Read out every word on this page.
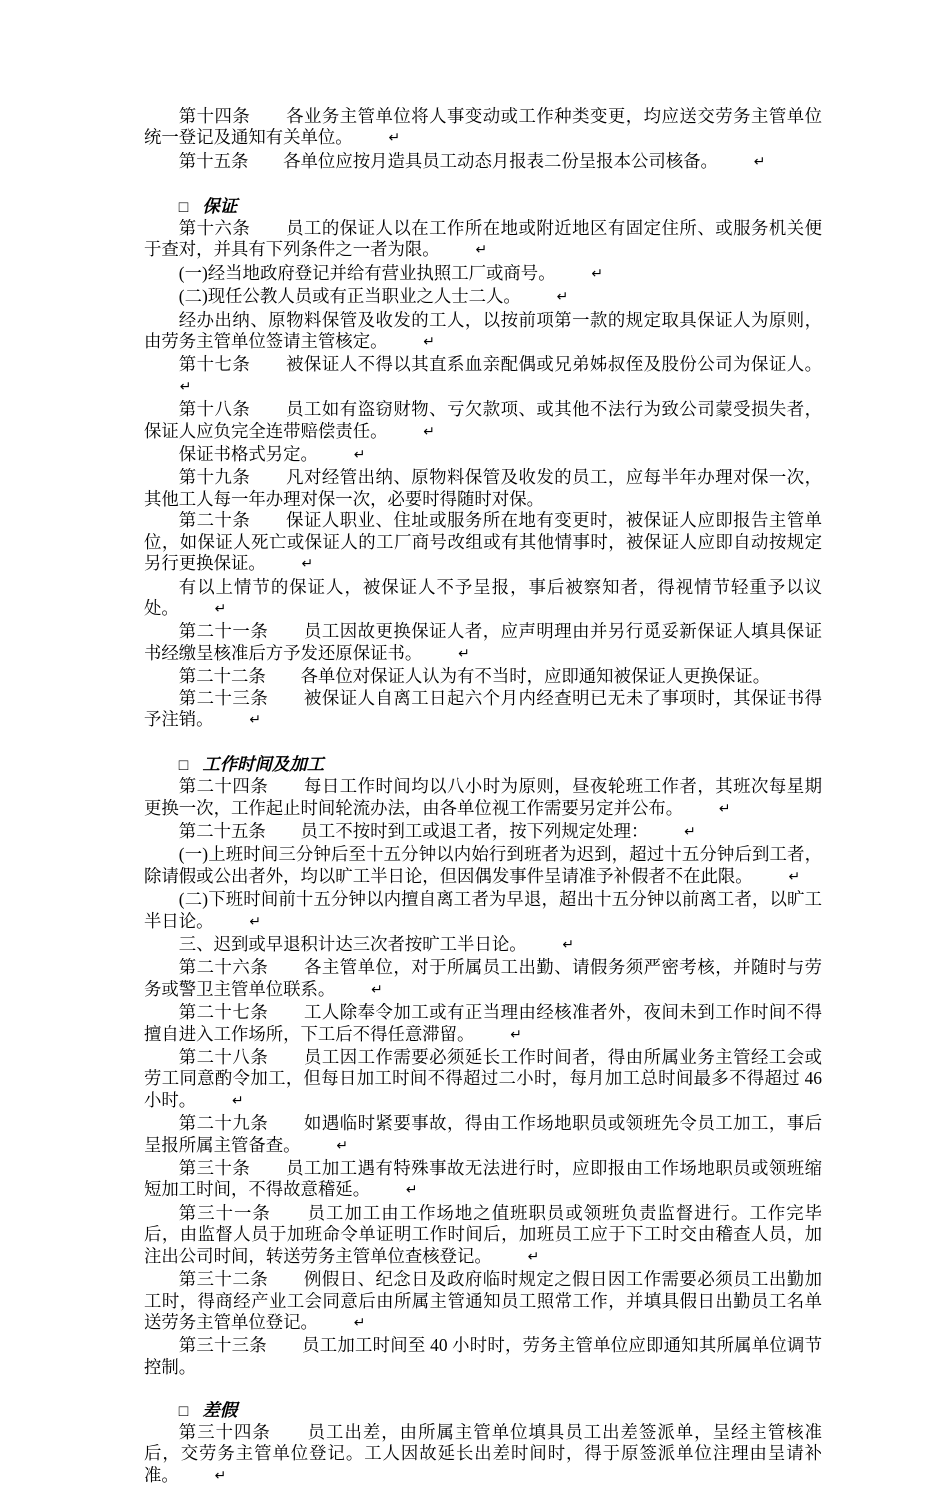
第十四条　　各业务主管单位将人事变动或工作种类变更，均应送交劳务主管单位统一登记及通知有关单位。	↵
第十五条　　各单位应按月造具员工动态月报表二份呈报本公司核备。	↵
□ 保证
第十六条　　员工的保证人以在工作所在地或附近地区有固定住所、或服务机关便于查对，并具有下列条件之一者为限。	↵
(一)经当地政府登记并给有营业执照工厂或商号。	↵
(二)现任公教人员或有正当职业之人士二人。	↵
经办出纳、原物料保管及收发的工人，以按前项第一款的规定取具保证人为原则，由劳务主管单位签请主管核定。	↵
第十七条　　被保证人不得以其直系血亲配偶或兄弟姊叔侄及股份公司为保证人。↵
第十八条　　员工如有盗窃财物、亏欠款项、或其他不法行为致公司蒙受损失者，保证人应负完全连带赔偿责任。	↵
保证书格式另定。	↵
第十九条　　凡对经管出纳、原物料保管及收发的员工，应每半年办理对保一次，其他工人每一年办理对保一次，必要时得随时对保。
第二十条　　保证人职业、住址或服务所在地有变更时，被保证人应即报告主管单位，如保证人死亡或保证人的工厂商号改组或有其他情事时，被保证人应即自动按规定另行更换保证。	↵
有以上情节的保证人，被保证人不予呈报，事后被察知者，得视情节轻重予以议处。	↵
第二十一条　　员工因故更换保证人者，应声明理由并另行觅妥新保证人填具保证书经缴呈核准后方予发还原保证书。	↵
第二十二条　　各单位对保证人认为有不当时，应即通知被保证人更换保证。
第二十三条　　被保证人自离工日起六个月内经查明已无未了事项时，其保证书得予注销。	↵
□ 工作时间及加工
第二十四条　　每日工作时间均以八小时为原则，昼夜轮班工作者，其班次每星期更换一次，工作起止时间轮流办法，由各单位视工作需要另定并公布。	↵
第二十五条　　员工不按时到工或退工者，按下列规定处理：	↵
(一)上班时间三分钟后至十五分钟以内始行到班者为迟到，超过十五分钟后到工者，除请假或公出者外，均以旷工半日论，但因偶发事件呈请准予补假者不在此限。	↵
(二)下班时间前十五分钟以内擅自离工者为早退，超出十五分钟以前离工者，以旷工半日论。	↵
三、迟到或早退积计达三次者按旷工半日论。	↵
第二十六条　　各主管单位，对于所属员工出勤、请假务须严密考核，并随时与劳务或警卫主管单位联系。	↵
第二十七条　　工人除奉令加工或有正当理由经核准者外，夜间未到工作时间不得擅自进入工作场所，下工后不得任意滞留。	↵
第二十八条　　员工因工作需要必须延长工作时间者，得由所属业务主管经工会或劳工同意酌令加工，但每日加工时间不得超过二小时，每月加工总时间最多不得超过 46 小时。	↵
第二十九条　　如遇临时紧要事故，得由工作场地职员或领班先令员工加工，事后呈报所属主管备查。	↵
第三十条　　员工加工遇有特殊事故无法进行时，应即报由工作场地职员或领班缩短加工时间，不得故意稽延。	↵
第三十一条　　员工加工由工作场地之值班职员或领班负责监督进行。工作完毕后，由监督人员于加班命令单证明工作时间后，加班员工应于下工时交由稽查人员，加注出公司时间，转送劳务主管单位查核登记。	↵
第三十二条　　例假日、纪念日及政府临时规定之假日因工作需要必须员工出勤加工时，得商经产业工会同意后由所属主管通知员工照常工作，并填具假日出勤员工名单送劳务主管单位登记。	↵
第三十三条　　员工加工时间至 40 小时时，劳务主管单位应即通知其所属单位调节控制。
□ 差假
第三十四条　　员工出差，由所属主管单位填具员工出差签派单，呈经主管核准后，交劳务主管单位登记。工人因故延长出差时间时，得于原签派单位注理由呈请补准。	↵
